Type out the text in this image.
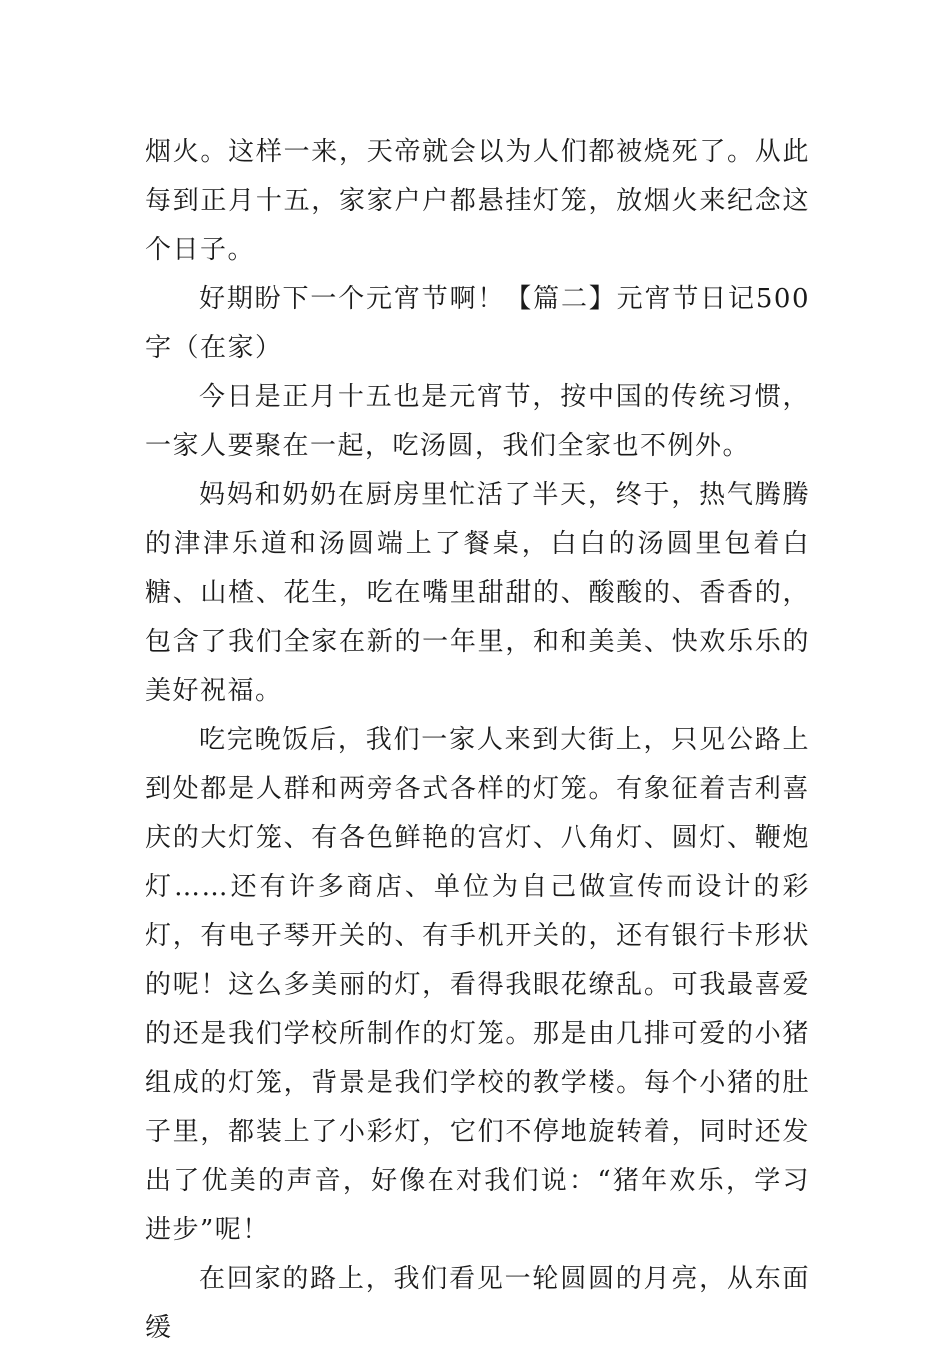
烟火。这样一来，天帝就会以为人们都被烧死了。从此每到正月十五，家家户户都悬挂灯笼，放烟火来纪念这个日子。

好期盼下一个元宵节啊！【篇二】元宵节日记500字（在家）

今日是正月十五也是元宵节，按中国的传统习惯，一家人要聚在一起，吃汤圆，我们全家也不例外。

妈妈和奶奶在厨房里忙活了半天，终于，热气腾腾的津津乐道和汤圆端上了餐桌，白白的汤圆里包着白糖、山楂、花生，吃在嘴里甜甜的、酸酸的、香香的，包含了我们全家在新的一年里，和和美美、快欢乐乐的美好祝福。

吃完晚饭后，我们一家人来到大街上，只见公路上到处都是人群和两旁各式各样的灯笼。有象征着吉利喜庆的大灯笼、有各色鲜艳的宫灯、八角灯、圆灯、鞭炮灯……还有许多商店、单位为自己做宣传而设计的彩灯，有电子琴开关的、有手机开关的，还有银行卡形状的呢！这么多美丽的灯，看得我眼花缭乱。可我最喜爱的还是我们学校所制作的灯笼。那是由几排可爱的小猪组成的灯笼，背景是我们学校的教学楼。每个小猪的肚子里，都装上了小彩灯，它们不停地旋转着，同时还发出了优美的声音，好像在对我们说：“猪年欢乐，学习进步”呢！

在回家的路上，我们看见一轮圆圆的月亮，从东面缓
